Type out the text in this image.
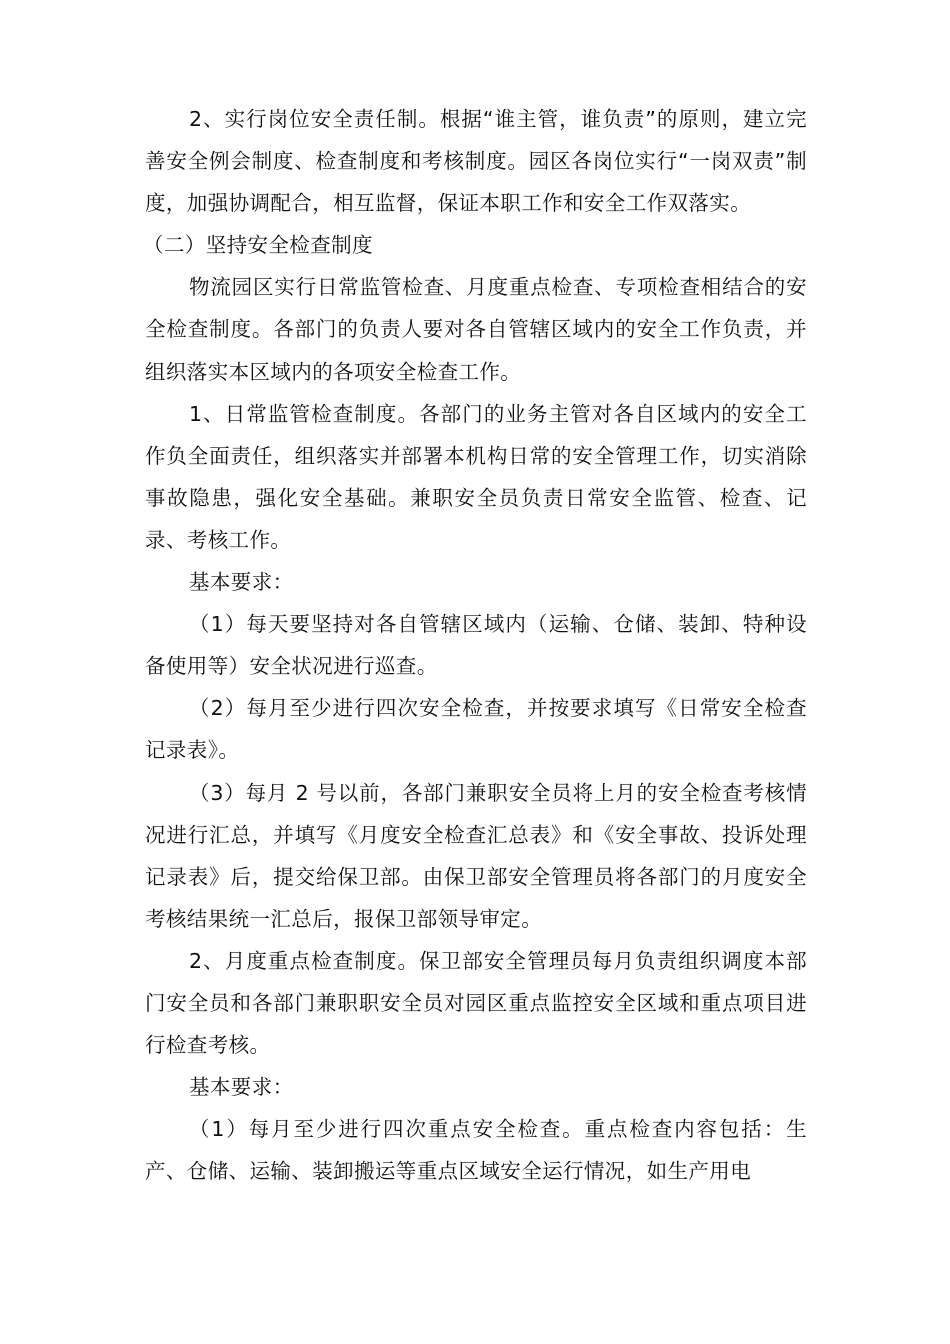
2、实行岗位安全责任制。根据“谁主管，谁负责”的原则，建立完善安全例会制度、检查制度和考核制度。园区各岗位实行“一岗双责”制度，加强协调配合，相互监督，保证本职工作和安全工作双落实。

（二）坚持安全检查制度

物流园区实行日常监管检查、月度重点检查、专项检查相结合的安全检查制度。各部门的负责人要对各自管辖区域内的安全工作负责，并组织落实本区域内的各项安全检查工作。

1、日常监管检查制度。各部门的业务主管对各自区域内的安全工作负全面责任，组织落实并部署本机构日常的安全管理工作，切实消除事故隐患，强化安全基础。兼职安全员负责日常安全监管、检查、记录、考核工作。

基本要求：

（1）每天要坚持对各自管辖区域内（运输、仓储、装卸、特种设备使用等）安全状况进行巡查。

（2）每月至少进行四次安全检查，并按要求填写《日常安全检查记录表》。

（3）每月 2 号以前，各部门兼职安全员将上月的安全检查考核情况进行汇总，并填写《月度安全检查汇总表》和《安全事故、投诉处理记录表》后，提交给保卫部。由保卫部安全管理员将各部门的月度安全考核结果统一汇总后，报保卫部领导审定。

2、月度重点检查制度。保卫部安全管理员每月负责组织调度本部门安全员和各部门兼职职安全员对园区重点监控安全区域和重点项目进行检查考核。

基本要求：

（1）每月至少进行四次重点安全检查。重点检查内容包括：生产、仓储、运输、装卸搬运等重点区域安全运行情况，如生产用电
